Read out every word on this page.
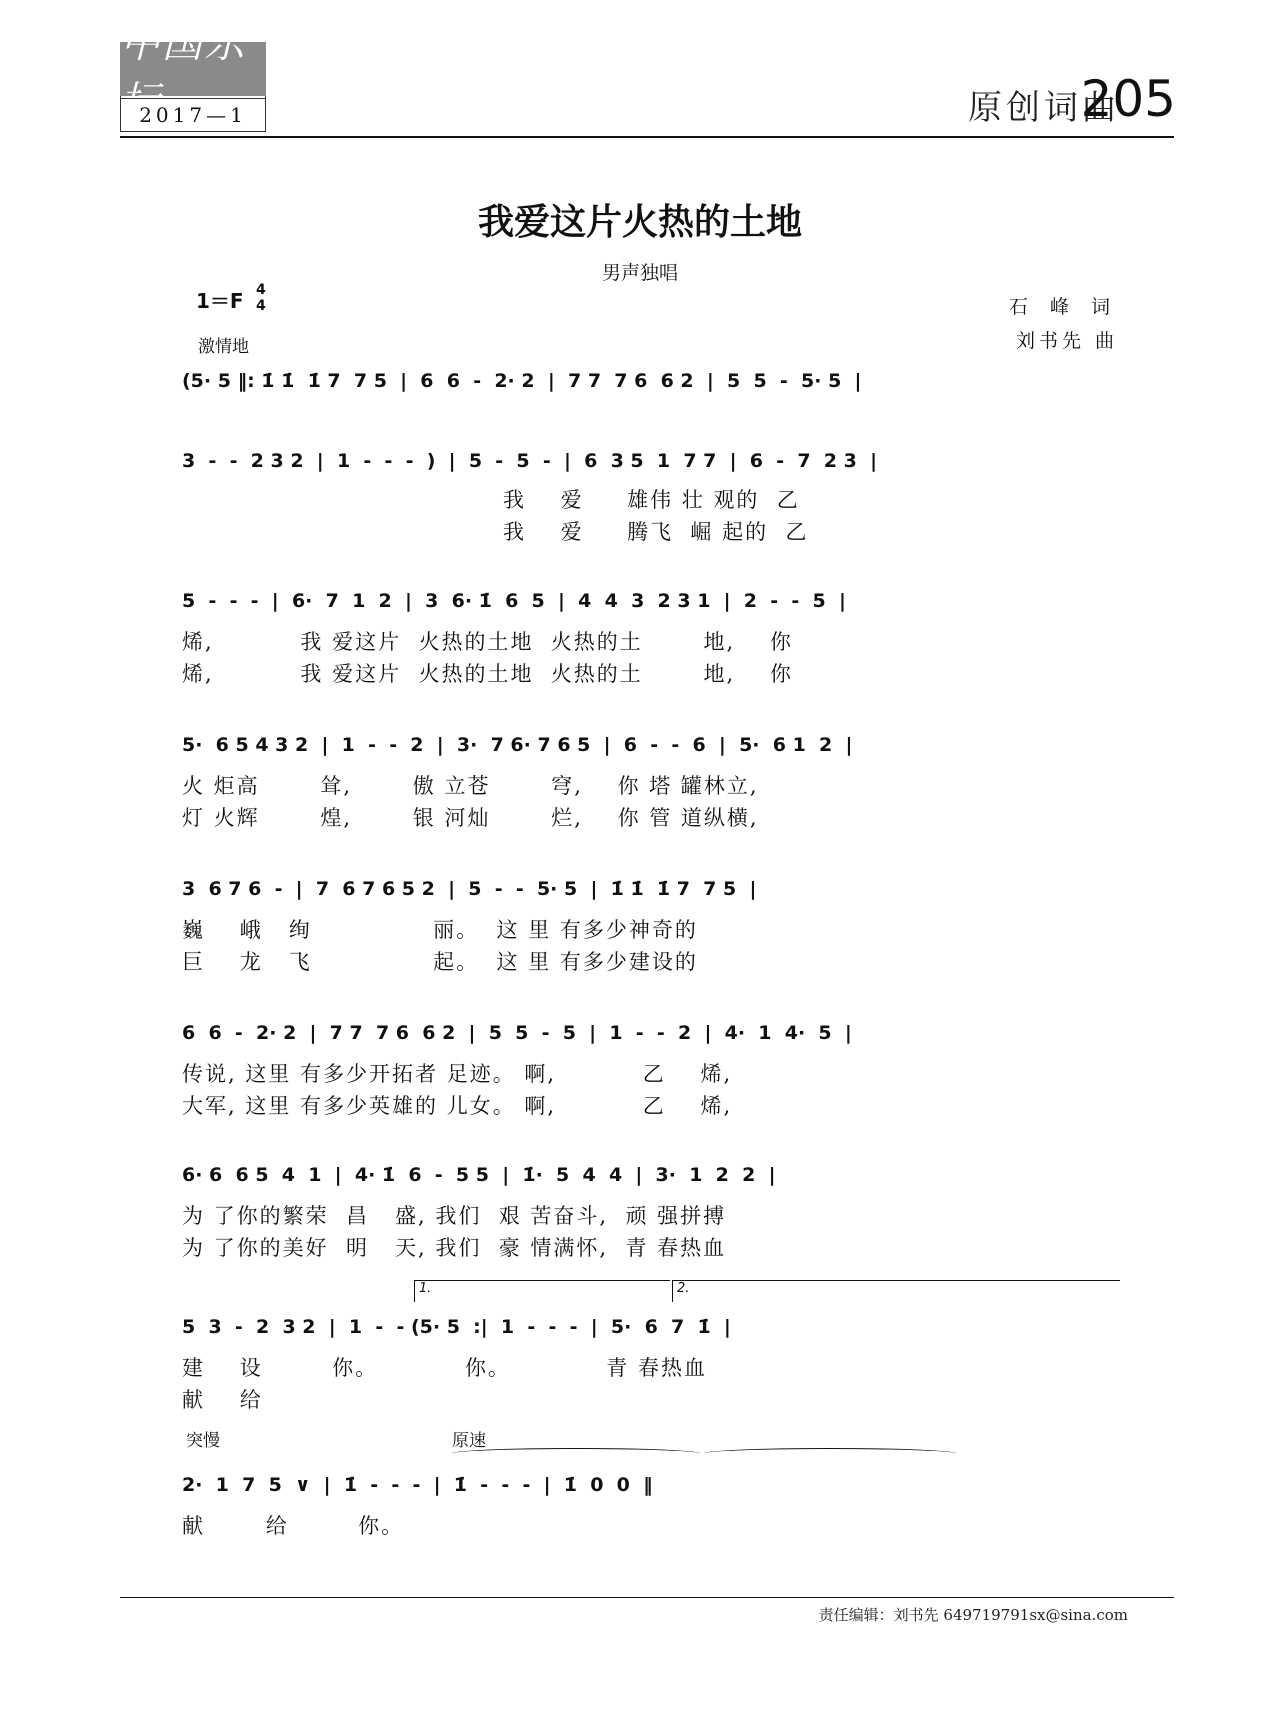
中国乐坛
2017—1	原创词曲
205
我爱这片火热的土地
男声独唱
1＝F 4
4
激情地
石 峰 词
刘书先 曲
(5· 5 ‖: 1̇ 1̇  1̇ 7  7 5  |  6  6  -  2· 2  |  7 7  7 6  6 2  |  5  5  -  5· 5  |
3  -  -  2 3 2  |  1  -  -  -  )  |  5  -  5  -  |  6  3 5  1  7 7  |  6  -  7  2 3  |
我    爱     雄伟 壮 观的  乙
我    爱     腾飞  崛 起的  乙
5  -  -  -  |  6·  7  1  2  |  3  6· 1̇  6  5  |  4  4  3  2 3 1  |  2  -  -  5  |
烯,          我 爱这片  火热的土地  火热的土       地,    你
烯,          我 爱这片  火热的土地  火热的土       地,    你
5·  6 5 4 3 2  |  1  -  -  2  |  3·  7 6· 7 6 5  |  6  -  -  6  |  5·  6 1  2  |
火 炬高       耸,       傲 立苍       穹,    你 塔 罐林立,
灯 火辉       煌,       银 河灿       烂,    你 管 道纵横,
3  6 7 6  -  |  7  6 7 6 5 2  |  5  -  -  5· 5  |  1̇ 1̇  1̇ 7  7 5  |
巍    峨   绚              丽。  这 里 有多少神奇的
巨    龙   飞              起。  这 里 有多少建设的
6  6  -  2· 2  |  7 7  7 6  6 2  |  5  5  -  5  |  1  -  -  2  |  4·  1  4·  5  |
传说, 这里 有多少开拓者 足迹。 啊,          乙    烯,
大军, 这里 有多少英雄的 儿女。 啊,          乙    烯,
6· 6  6 5  4  1  |  4· 1̇  6  -  5 5  |  1̇·  5  4  4  |  3·  1  2  2  |
为 了你的繁荣  昌   盛, 我们  艰 苦奋斗,  顽 强拼搏
为 了你的美好  明   天, 我们  豪 情满怀,  青 春热血
1.	2.
5  3  -  2  3 2  |  1  -  - (5· 5  :|  1  -  -  -  |  5·  6  7  1̇  |
建    设        你。          你。           青 春热血
献    给
突慢	原速
2·  1  7  5  ∨  |  1̇  -  -  -  |  1̇  -  -  -  |  1̇  0  0  ‖
献       给        你。
责任编辑：刘书先 649719791sx@sina.com
